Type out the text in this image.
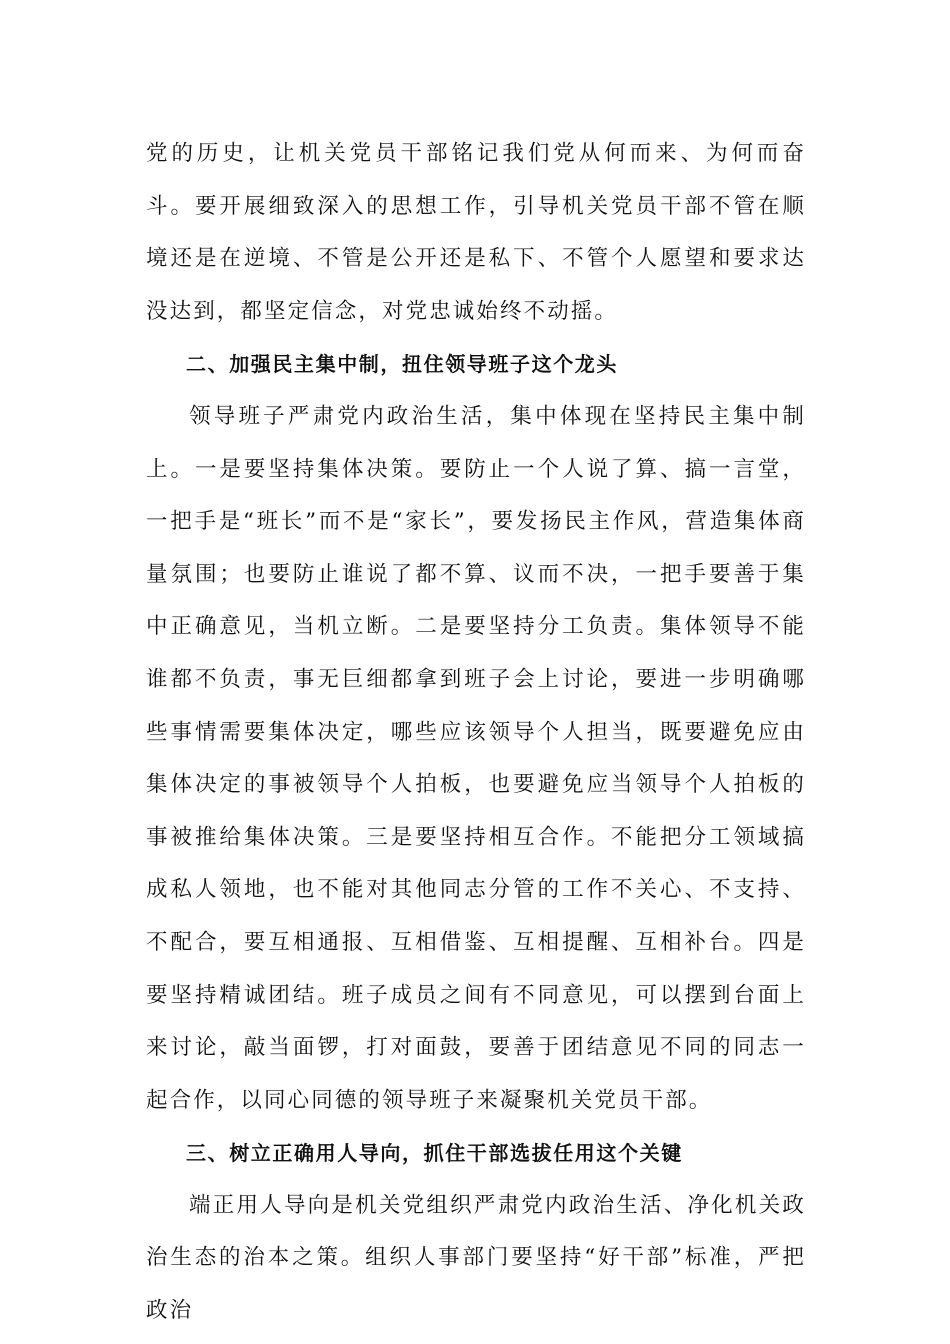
党的历史，让机关党员干部铭记我们党从何而来、为何而奋斗。要开展细致深入的思想工作，引导机关党员干部不管在顺境还是在逆境、不管是公开还是私下、不管个人愿望和要求达没达到，都坚定信念，对党忠诚始终不动摇。

二、加强民主集中制，扭住领导班子这个龙头

领导班子严肃党内政治生活，集中体现在坚持民主集中制上。一是要坚持集体决策。要防止一个人说了算、搞一言堂，一把手是“班长”而不是“家长”，要发扬民主作风，营造集体商量氛围；也要防止谁说了都不算、议而不决，一把手要善于集中正确意见，当机立断。二是要坚持分工负责。集体领导不能谁都不负责，事无巨细都拿到班子会上讨论，要进一步明确哪些事情需要集体决定，哪些应该领导个人担当，既要避免应由集体决定的事被领导个人拍板，也要避免应当领导个人拍板的事被推给集体决策。三是要坚持相互合作。不能把分工领域搞成私人领地，也不能对其他同志分管的工作不关心、不支持、不配合，要互相通报、互相借鉴、互相提醒、互相补台。四是要坚持精诚团结。班子成员之间有不同意见，可以摆到台面上来讨论，敲当面锣，打对面鼓，要善于团结意见不同的同志一起合作，以同心同德的领导班子来凝聚机关党员干部。

三、树立正确用人导向，抓住干部选拔任用这个关键

端正用人导向是机关党组织严肃党内政治生活、净化机关政治生态的治本之策。组织人事部门要坚持“好干部”标准，严把政治
